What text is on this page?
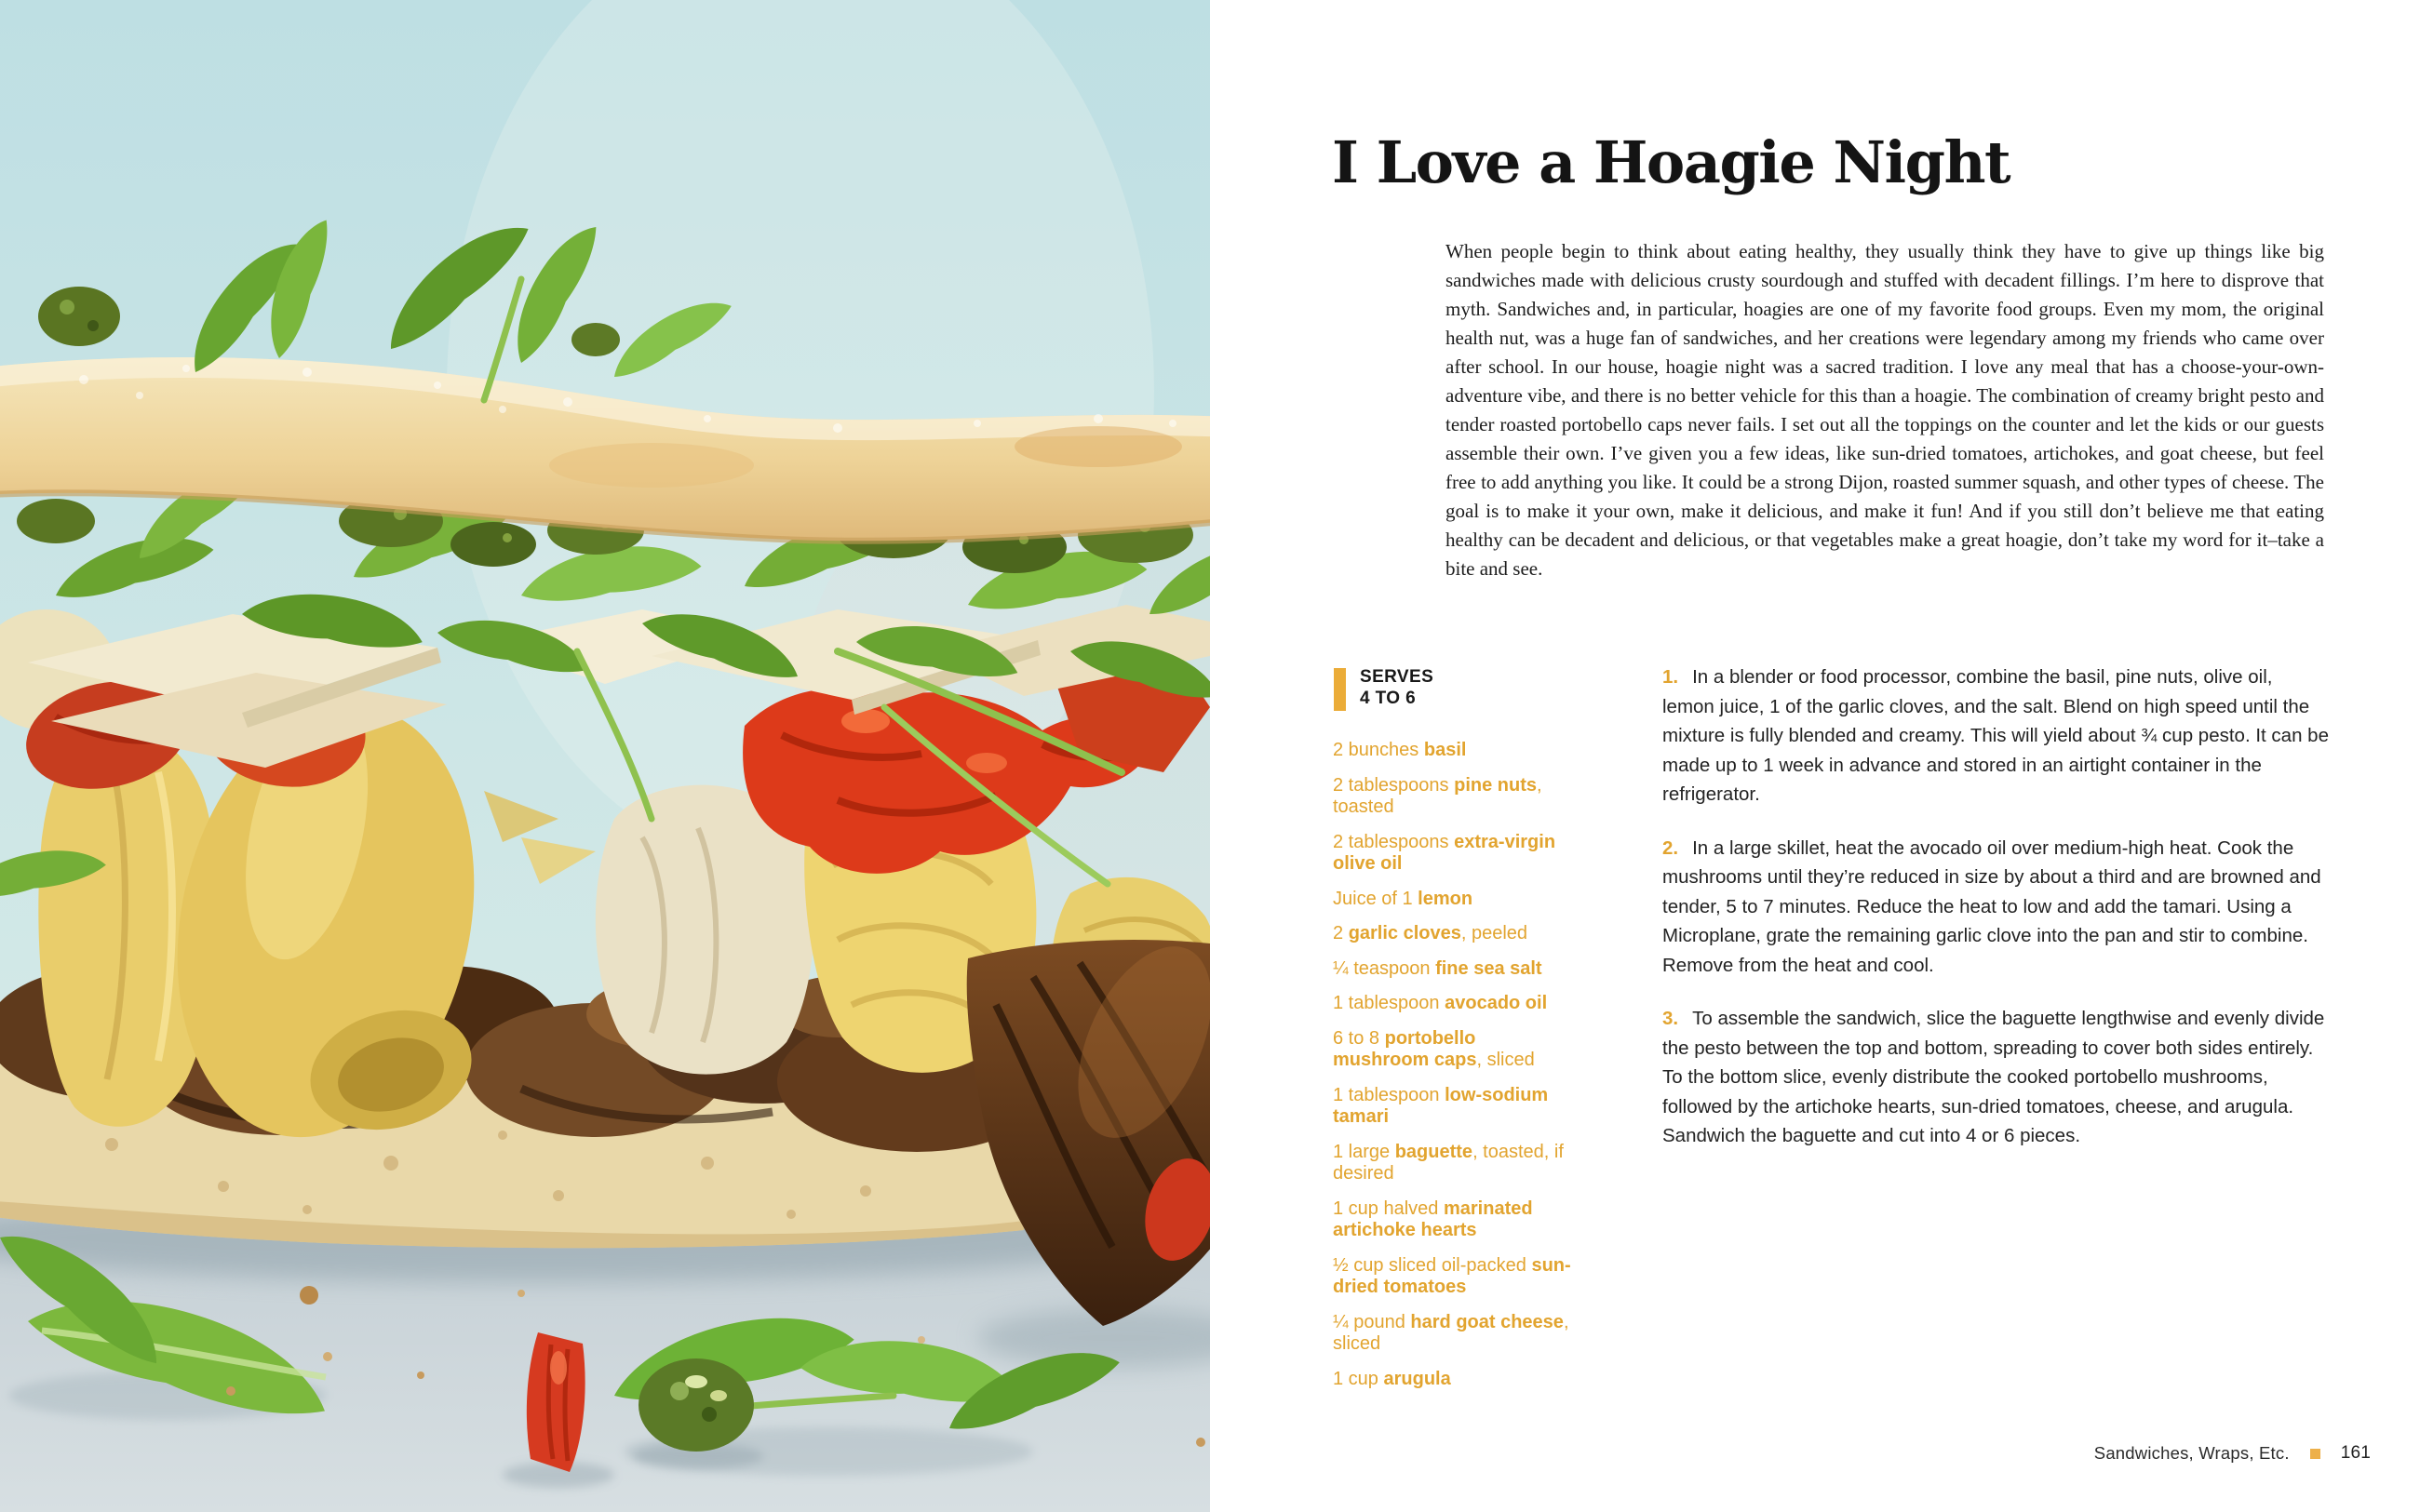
I Love a Hoagie Night

When people begin to think about eating healthy, they usually think they have to give up things like big sandwiches made with delicious crusty sourdough and stuffed with decadent fillings. I’m here to disprove that myth. Sandwiches and, in particular, hoagies are one of my favorite food groups. Even my mom, the original health nut, was a huge fan of sandwiches, and her creations were legendary among my friends who came over after school. In our house, hoagie night was a sacred tradition. I love any meal that has a choose-your-own-adventure vibe, and there is no better vehicle for this than a hoagie. The combination of creamy bright pesto and tender roasted portobello caps never fails. I set out all the toppings on the counter and let the kids or our guests assemble their own. I’ve given you a few ideas, like sun-dried tomatoes, artichokes, and goat cheese, but feel free to add anything you like. It could be a strong Dijon, roasted summer squash, and other types of cheese. The goal is to make it your own, make it delicious, and make it fun! And if you still don’t believe me that eating healthy can be decadent and delicious, or that vegetables make a great hoagie, don’t take my word for it–take a bite and see.

SERVES
4 TO 6
2 bunches basil
2 tablespoons pine nuts, toasted
2 tablespoons extra-virgin olive oil
Juice of 1 lemon
2 garlic cloves, peeled
¼ teaspoon fine sea salt
1 tablespoon avocado oil
6 to 8 portobello mushroom caps, sliced
1 tablespoon low-sodium tamari
1 large baguette, toasted, if desired
1 cup halved marinated artichoke hearts
½ cup sliced oil-packed sun-dried tomatoes
¼ pound hard goat cheese, sliced
1 cup arugula
1. In a blender or food processor, combine the basil, pine nuts, olive oil, lemon juice, 1 of the garlic cloves, and the salt. Blend on high speed until the mixture is fully blended and creamy. This will yield about ¾ cup pesto. It can be made up to 1 week in advance and stored in an airtight container in the refrigerator.
2. In a large skillet, heat the avocado oil over medium-high heat. Cook the mushrooms until they’re reduced in size by about a third and are browned and tender, 5 to 7 minutes. Reduce the heat to low and add the tamari. Using a Microplane, grate the remaining garlic clove into the pan and stir to combine. Remove from the heat and cool.
3. To assemble the sandwich, slice the baguette lengthwise and evenly divide the pesto between the top and bottom, spreading to cover both sides entirely. To the bottom slice, evenly distribute the cooked portobello mushrooms, followed by the artichoke hearts, sun-dried tomatoes, cheese, and arugula. Sandwich the baguette and cut into 4 or 6 pieces.
Sandwiches, Wraps, Etc.	161
